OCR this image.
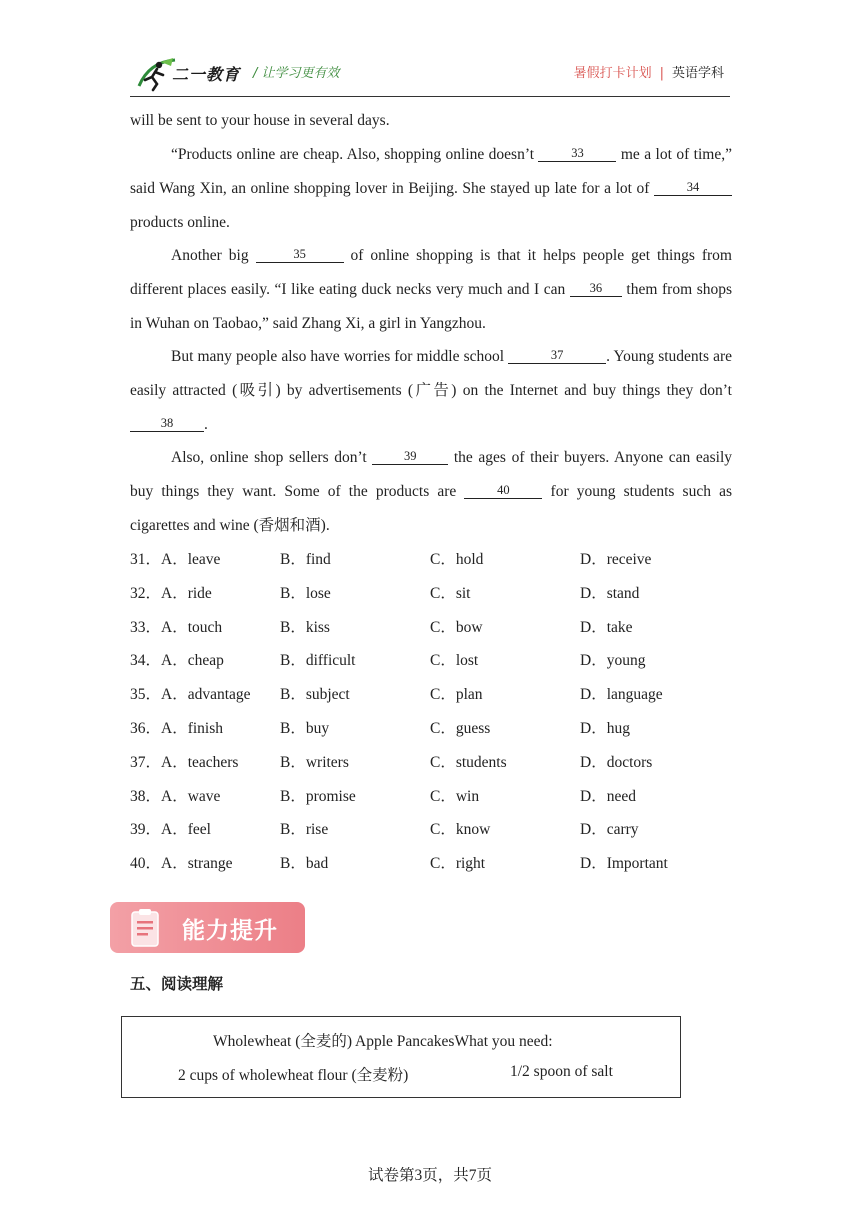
二一教育 / 让学习更有效	暑假打卡计划 | 英语学科

will be sent to your house in several days.

“Products online are cheap. Also, shopping online doesn’t	33 me a lot of time,” said Wang Xin, an online shopping lover in Beijing. She stayed up late for a lot of	34 products online.

Another big	35 of online shopping is that it helps people get things from different places easily. “I like eating duck necks very much and I can 36 them from shops in Wuhan on Taobao,” said Zhang Xi, a girl in Yangzhou.

But many people also have worries for middle school	37	. Young students are easily attracted (吸引) by advertisements (广告) on the Internet and buy things they don’t 38 .

Also, online shop sellers don’t	39 the ages of their buyers. Anyone can easily buy things they want. Some of the products are	40 for young students such as cigarettes and wine (香烟和酒).

31．A．leave	B．find	C．hold	D．receive
32．A．ride	B．lose	C．sit	D．stand
33．A．touch	B．kiss	C．bow	D．take
34．A．cheap	B．difficult	C．lost	D．young
35．A．advantage B．subject	C．plan	D．language
36．A．finish	B．buy	C．guess	D．hug
37．A．teachers	B．writers	C．students	D．doctors
38．A．wave	B．promise	C．win	D．need
39．A．feel	B．rise	C．know	D．carry
40．A．strange	B．bad	C．right	D．Important
能力提升
五、阅读理解
Wholewheat (全麦的) Apple PancakesWhat you need:
2 cups of wholewheat flour (全麦粉)	1/2 spoon of salt
试卷第3页，共7页
